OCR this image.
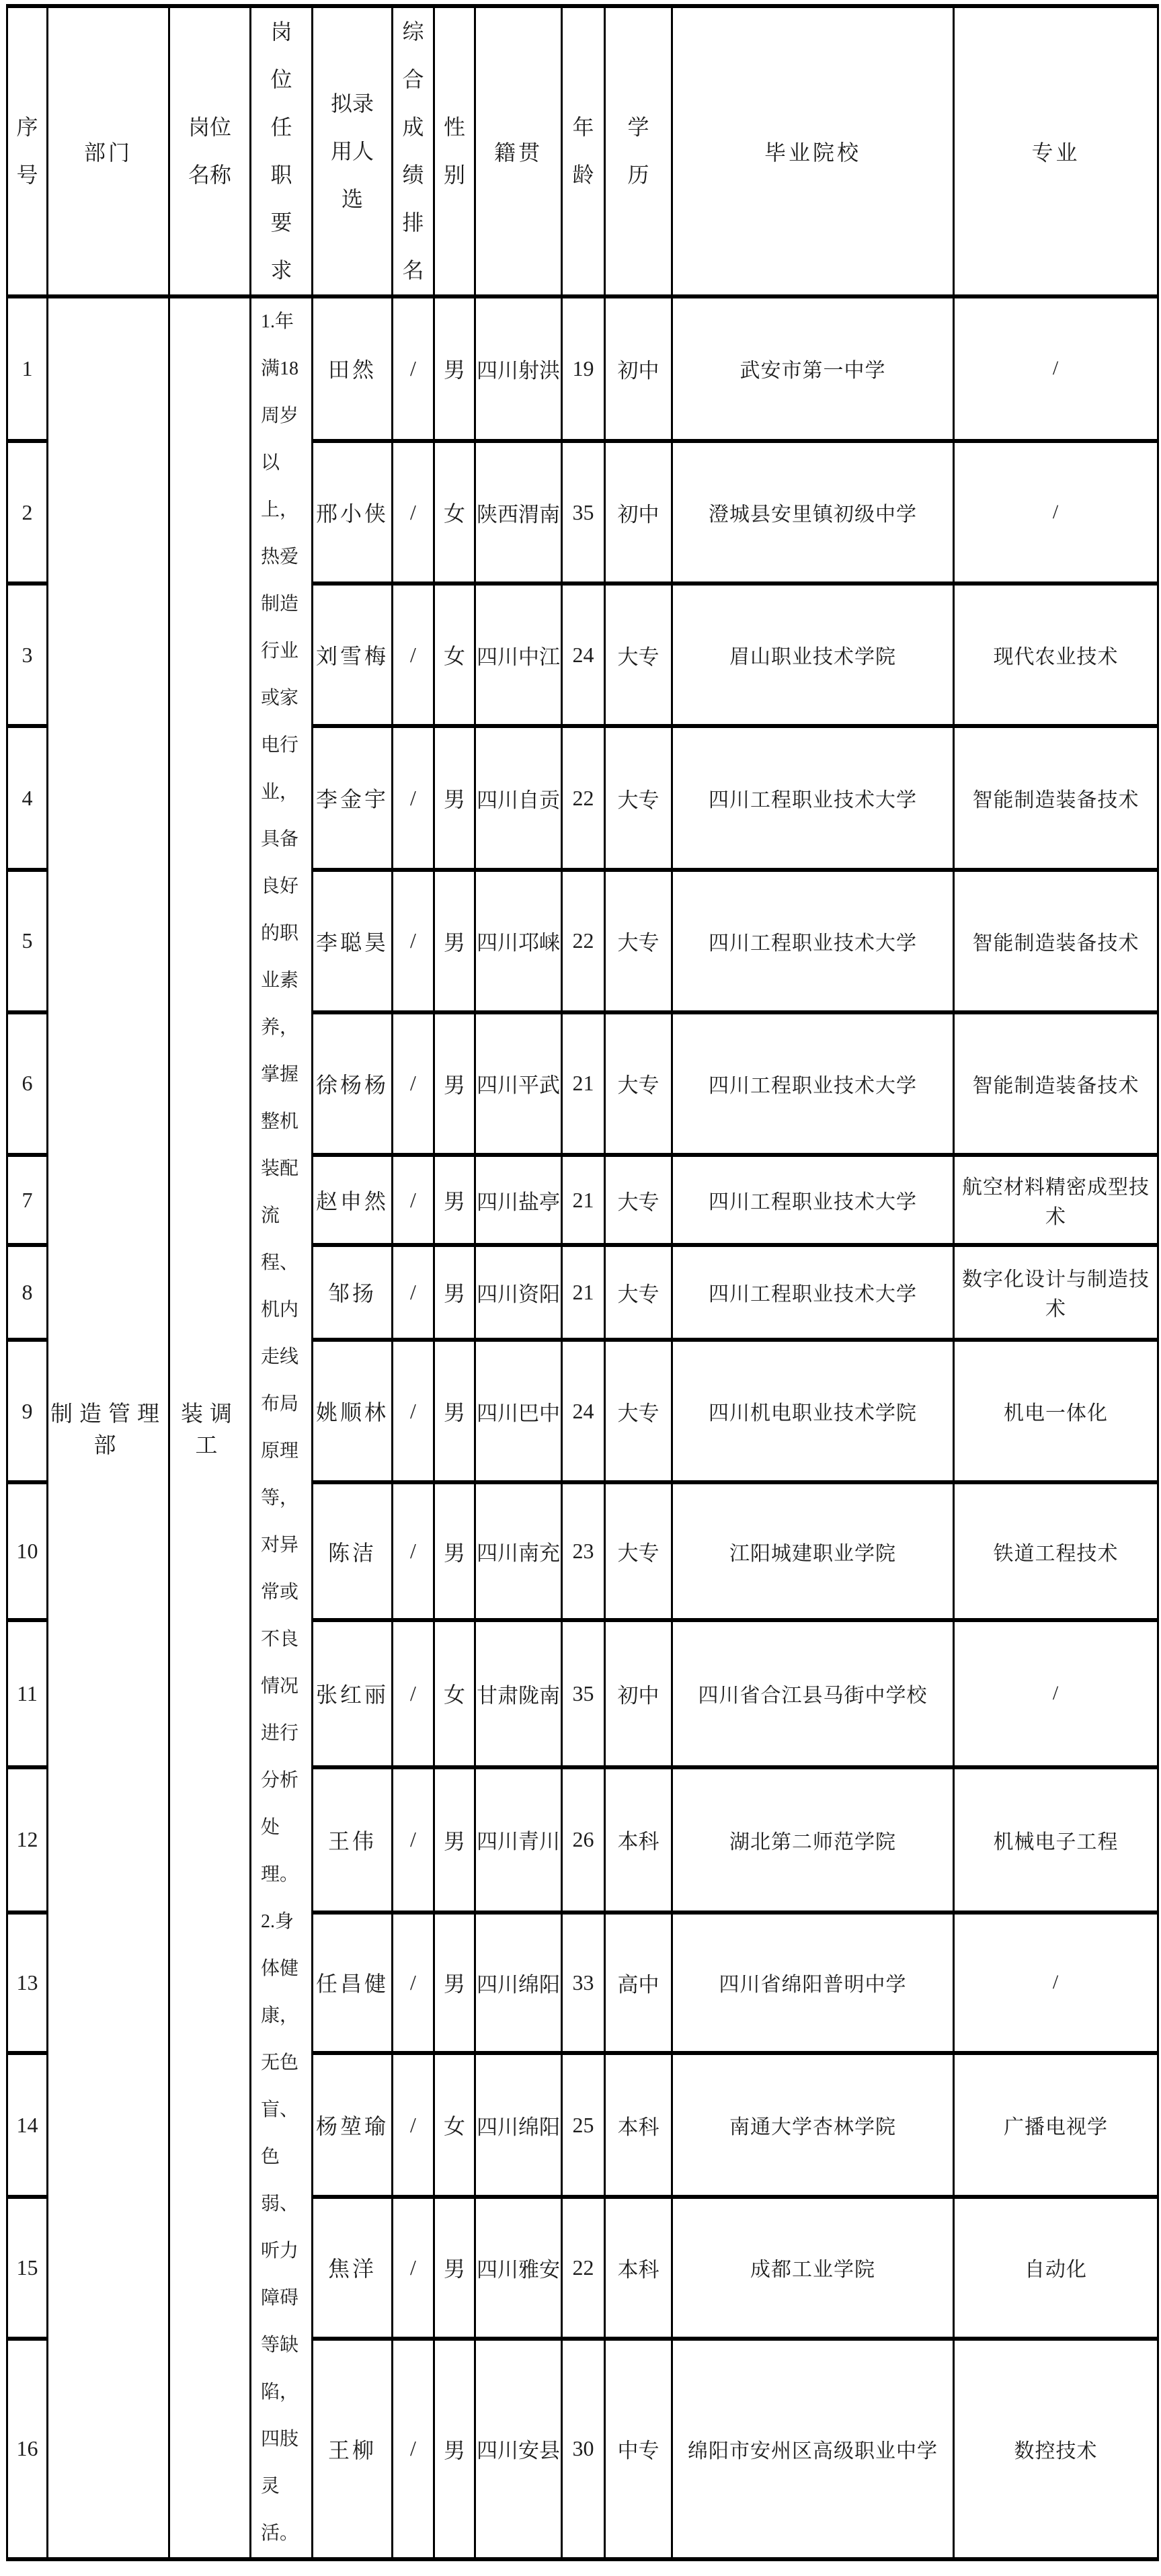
序号	部门	岗位名称	岗位任职要求	拟录用人选	综合成绩排名	性别	籍贯	年龄	学历	毕业院校	专业

1	制造管理部	装调工	1.年满18周岁以上，热爱制造行业或家电行业，具备良好的职业素养，掌握整机装配流程、机内走线布局原理等，对异常或不良情况进行分析处理。2.身体健康，无色盲、色弱、听力障碍等缺陷，四肢灵活。	田然	/	男	四川射洪	19	初中	武安市第一中学	/
2				邢小侠	/	女	陕西渭南	35	初中	澄城县安里镇初级中学	/
3				刘雪梅	/	女	四川中江	24	大专	眉山职业技术学院	现代农业技术
4				李金宇	/	男	四川自贡	22	大专	四川工程职业技术大学	智能制造装备技术
5				李聪昊	/	男	四川邛崃	22	大专	四川工程职业技术大学	智能制造装备技术
6				徐杨杨	/	男	四川平武	21	大专	四川工程职业技术大学	智能制造装备技术
7				赵申然	/	男	四川盐亭	21	大专	四川工程职业技术大学	航空材料精密成型技术
8				邹扬	/	男	四川资阳	21	大专	四川工程职业技术大学	数字化设计与制造技术
9				姚顺林	/	男	四川巴中	24	大专	四川机电职业技术学院	机电一体化
10				陈洁	/	男	四川南充	23	大专	江阳城建职业学院	铁道工程技术
11				张红丽	/	女	甘肃陇南	35	初中	四川省合江县马街中学校	/
12				王伟	/	男	四川青川	26	本科	湖北第二师范学院	机械电子工程
13				任昌健	/	男	四川绵阳	33	高中	四川省绵阳普明中学	/
14				杨堃瑜	/	女	四川绵阳	25	本科	南通大学杏林学院	广播电视学
15				焦洋	/	男	四川雅安	22	本科	成都工业学院	自动化
16				王柳	/	男	四川安县	30	中专	绵阳市安州区高级职业中学	数控技术
